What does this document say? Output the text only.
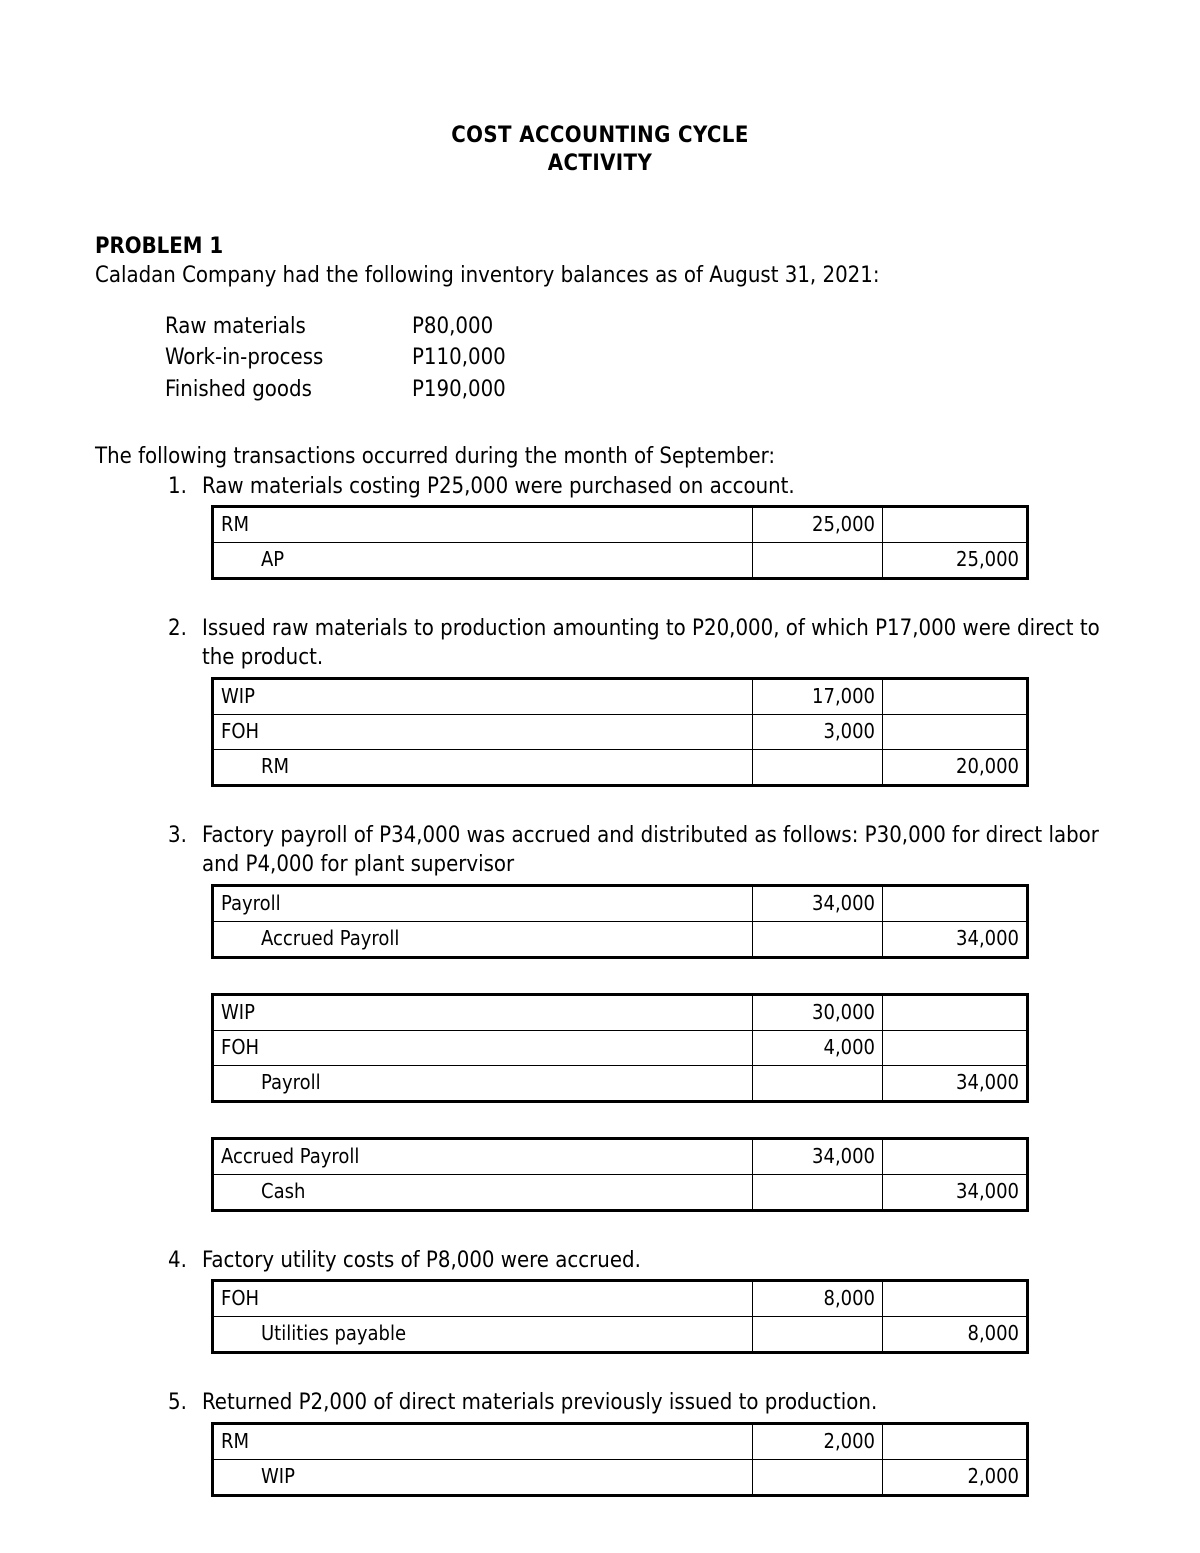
COST ACCOUNTING CYCLE
ACTIVITY
PROBLEM 1
Caladan Company had the following inventory balances as of August 31, 2021:
Raw materials	P80,000
Work-in-process	P110,000
Finished goods	P190,000
The following transactions occurred during the month of September:
1. Raw materials costing P25,000 were purchased on account.
RM	25,000	
AP		25,000
2. Issued raw materials to production amounting to P20,000, of which P17,000 were direct to the product.
WIP	17,000	
FOH	3,000	
RM		20,000
3. Factory payroll of P34,000 was accrued and distributed as follows: P30,000 for direct labor and P4,000 for plant supervisor
Payroll	34,000	
Accrued Payroll		34,000
WIP	30,000	
FOH	4,000	
Payroll		34,000
Accrued Payroll	34,000	
Cash		34,000
4. Factory utility costs of P8,000 were accrued.
FOH	8,000	
Utilities payable		8,000
5. Returned P2,000 of direct materials previously issued to production.
RM	2,000	
WIP		2,000
